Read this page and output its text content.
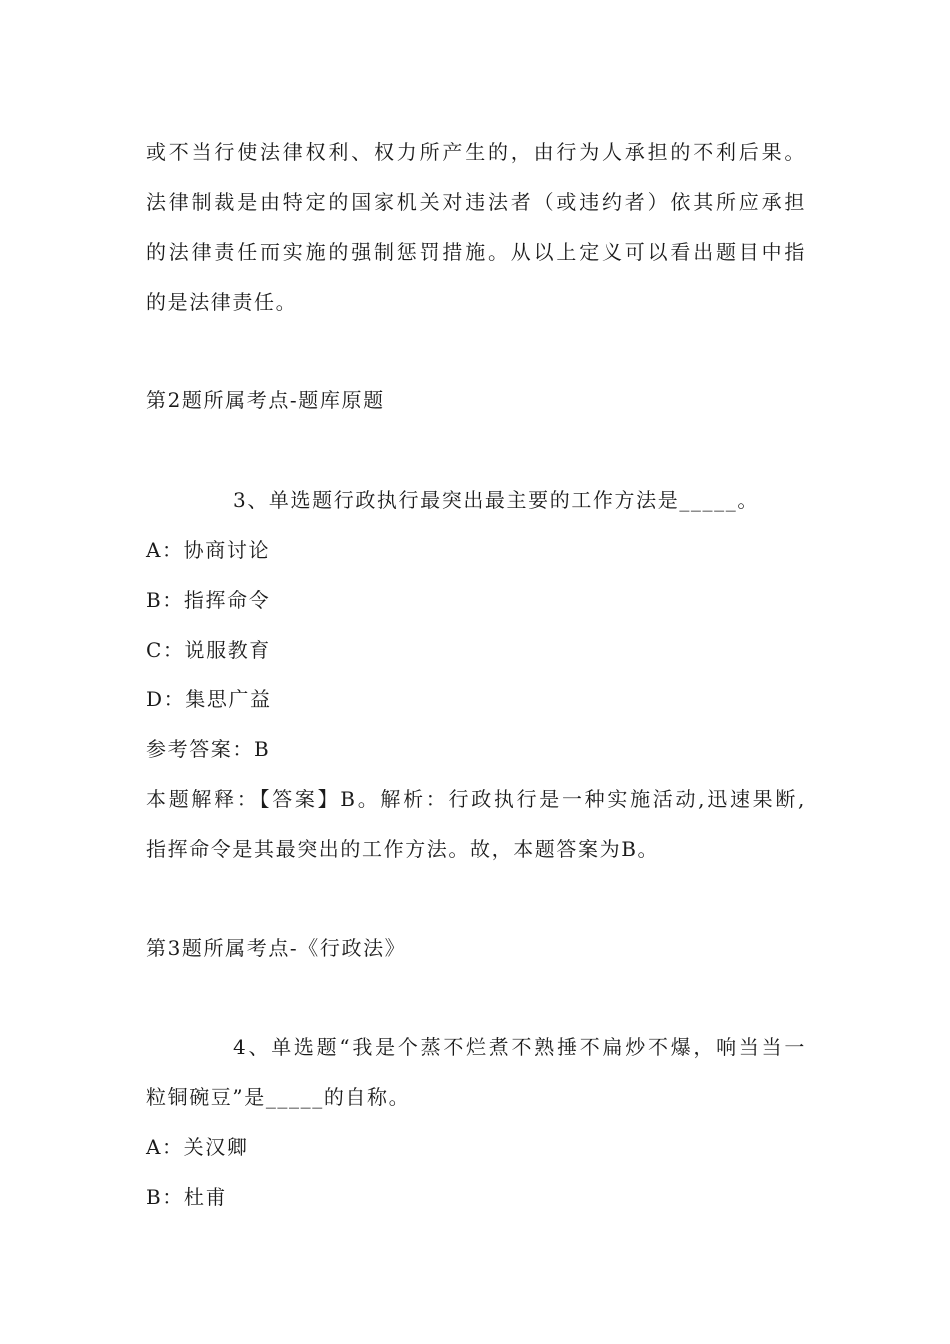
或不当行使法律权利、权力所产生的，由行为人承担的不利后果。
法律制裁是由特定的国家机关对违法者（或违约者）依其所应承担
的法律责任而实施的强制惩罚措施。从以上定义可以看出题目中指
的是法律责任。
第2题所属考点-题库原题
3、单选题行政执行最突出最主要的工作方法是_____。
A：协商讨论
B：指挥命令
C：说服教育
D：集思广益
参考答案：B
本题解释：【答案】B。解析：行政执行是一种实施活动,迅速果断,
指挥命令是其最突出的工作方法。故，本题答案为B。
第3题所属考点-《行政法》
4、单选题“我是个蒸不烂煮不熟捶不扁炒不爆，响当当一
粒铜碗豆”是_____的自称。
A：关汉卿
B：杜甫
